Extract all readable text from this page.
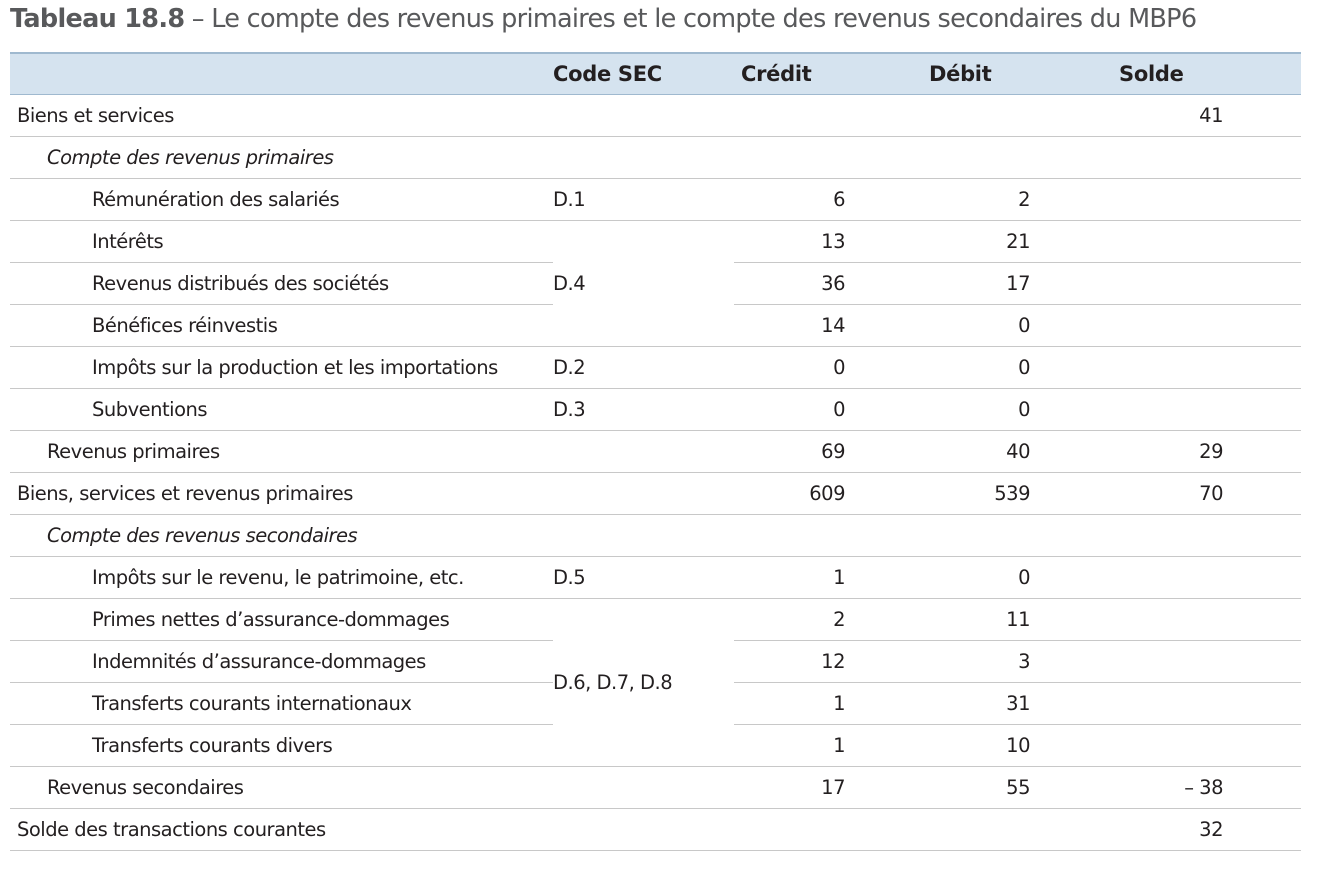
Tableau 18.8 – Le compte des revenus primaires et le compte des revenus secondaires du MBP6
	Code SEC	Crédit	Débit	Solde
Biens et services				41
Compte des revenus primaires				
Rémunération des salariés	D.1	6	2	
Intérêts	D.4	13	21	
Revenus distribués des sociétés		36	17	
Bénéfices réinvestis		14	0	
Impôts sur la production et les importations	D.2	0	0	
Subventions	D.3	0	0	
Revenus primaires		69	40	29
Biens, services et revenus primaires		609	539	70
Compte des revenus secondaires				
Impôts sur le revenu, le patrimoine, etc.	D.5	1	0	
Primes nettes d’assurance-dommages	D.6, D.7, D.8	2	11	
Indemnités d’assurance-dommages		12	3	
Transferts courants internationaux		1	31	
Transferts courants divers		1	10	
Revenus secondaires		17	55	– 38
Solde des transactions courantes				32
